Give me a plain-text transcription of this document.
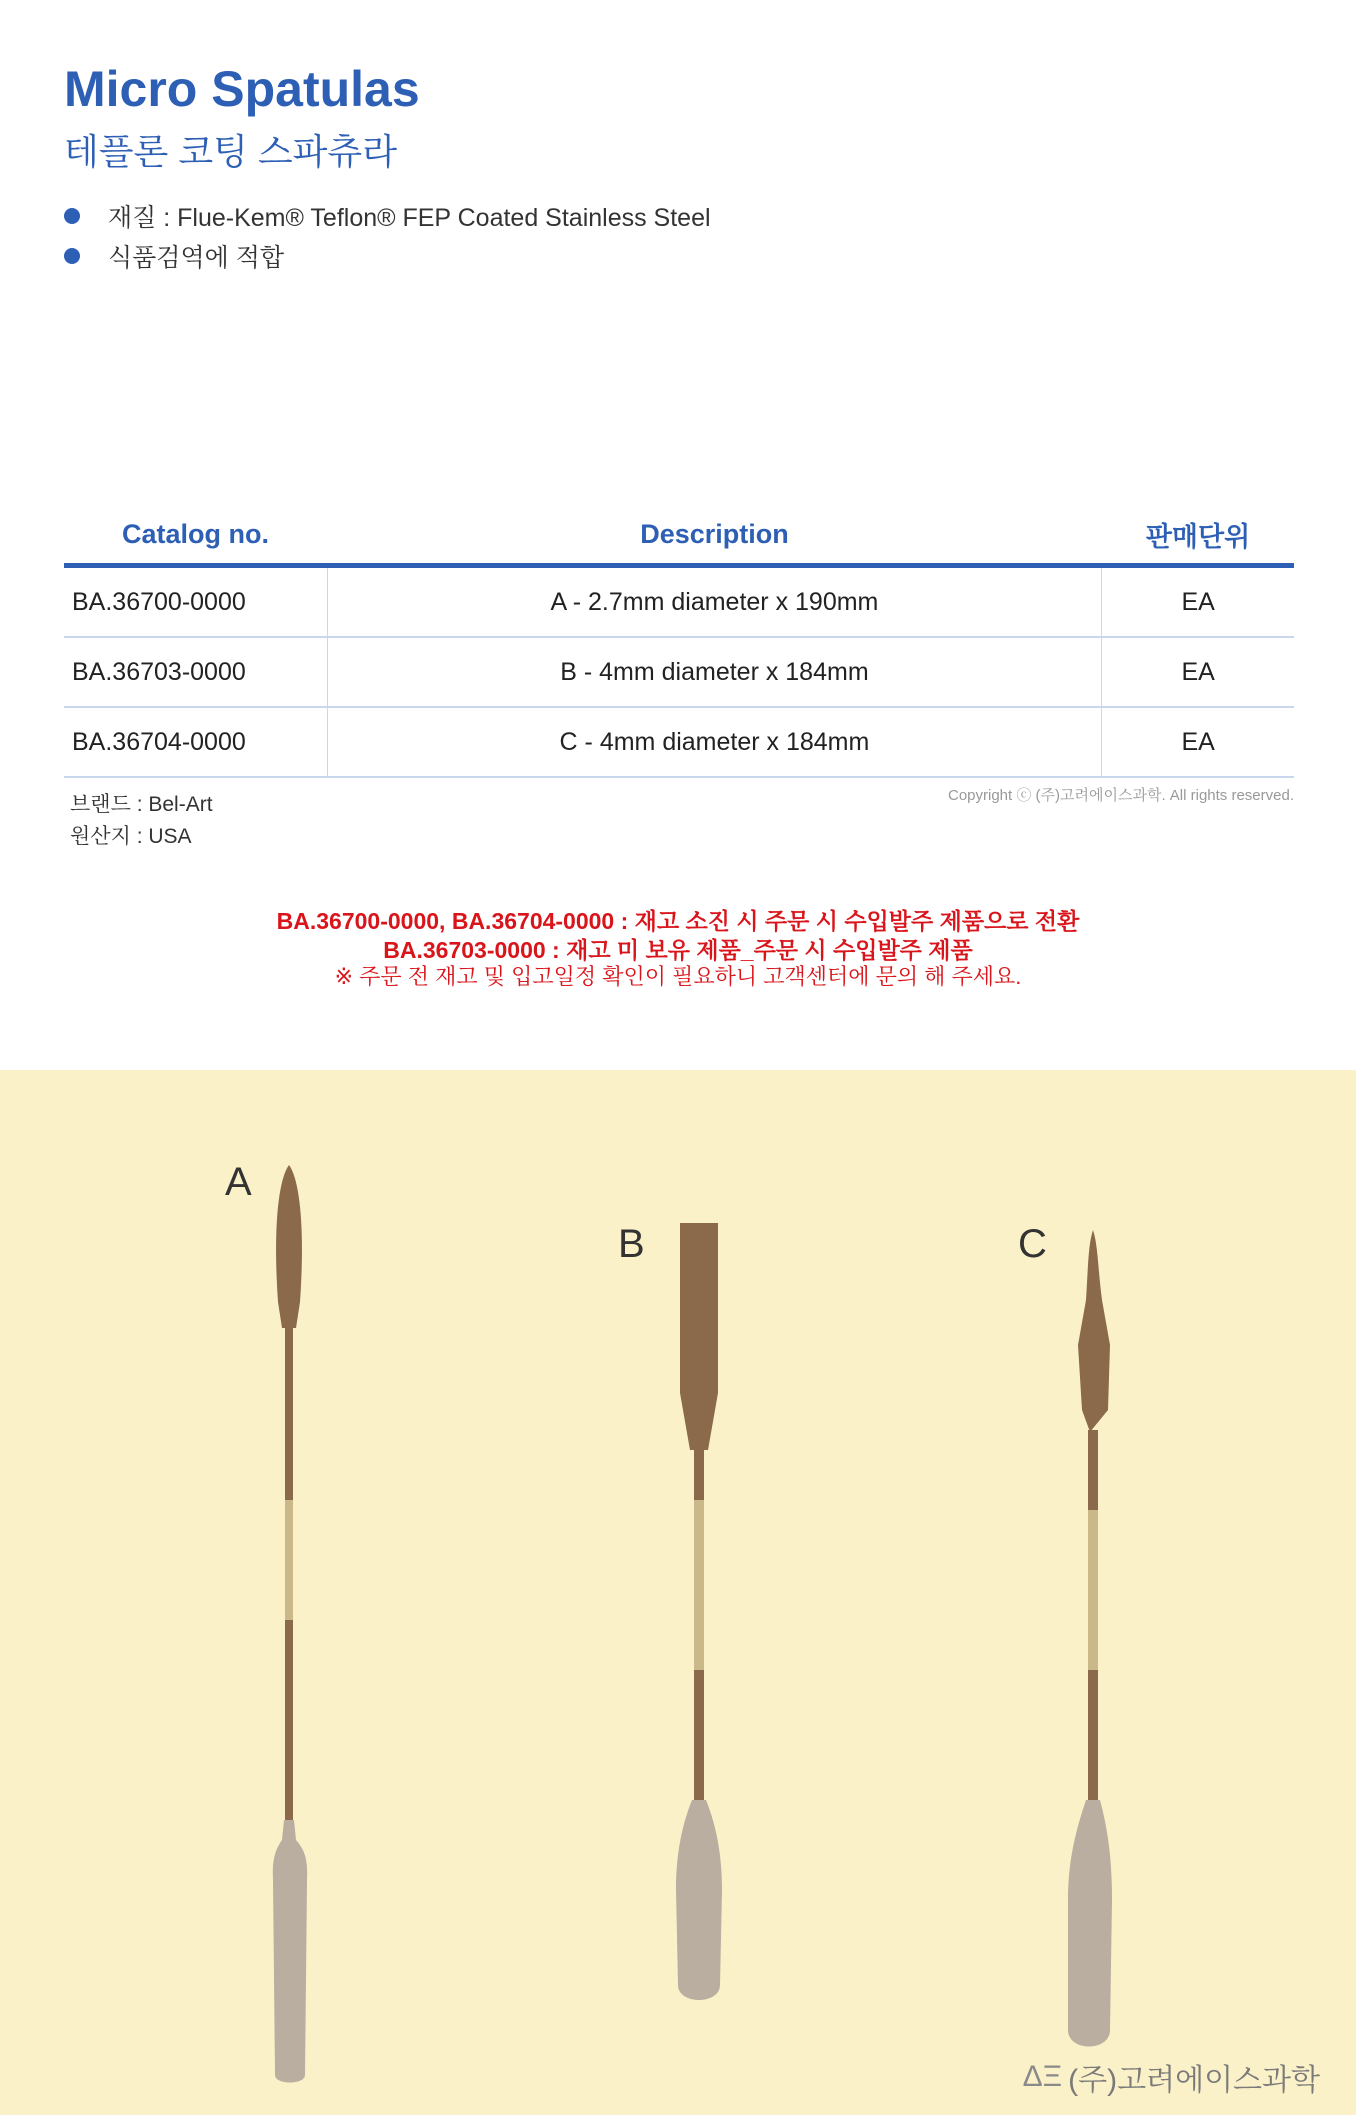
Micro Spatulas
테플론 코팅 스파츄라
재질 : Flue-Kem® Teflon® FEP Coated Stainless Steel
식품검역에 적합
Catalog no.	Description	판매단위
BA.36700-0000	A - 2.7mm diameter x 190mm	EA
BA.36703-0000	B - 4mm diameter x 184mm	EA
BA.36704-0000	C - 4mm diameter x 184mm	EA
브랜드 : Bel-Art
원산지 : USA
Copyright ⓒ (주)고려에이스과학. All rights reserved.
BA.36700-0000, BA.36704-0000 : 재고 소진 시 주문 시 수입발주 제품으로 전환
BA.36703-0000 : 재고 미 보유 제품_주문 시 수입발주 제품
※ 주문 전 재고 및 입고일정 확인이 필요하니 고객센터에 문의 해 주세요.
A
B	C
ΔΞ (주)고려에이스과학
